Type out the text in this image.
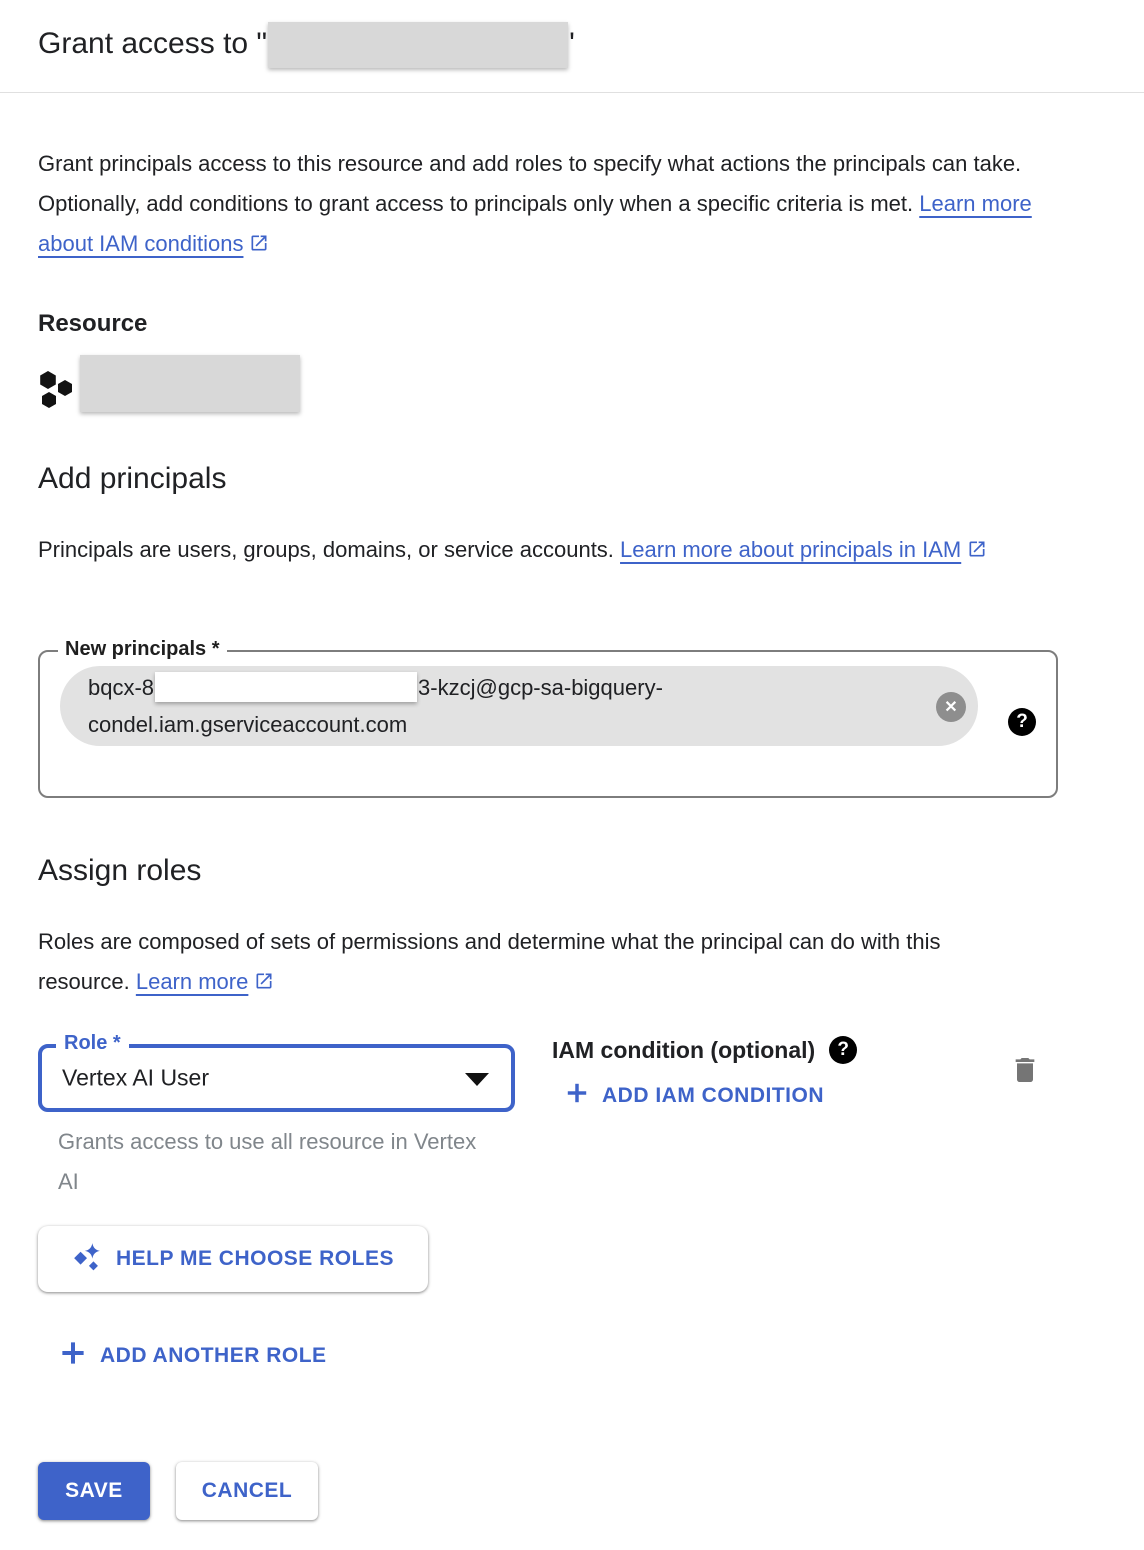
Grant access to "	'

Grant principals access to this resource and add roles to specify what actions the principals can take. Optionally, add conditions to grant access to principals only when a specific criteria is met. Learn more about IAM conditions

Resource
Add principals

Principals are users, groups, domains, or service accounts. Learn more about principals in IAM

New principals *
bqcx-8	3-kzcj@gcp-sa-bigquery-
condel.iam.gserviceaccount.com
✕
?
Assign roles

Roles are composed of sets of permissions and determine what the principal can do with this resource. Learn more

Role *
Vertex AI User
Grants access to use all resource in Vertex AI
IAM condition (optional) ?
ADD IAM CONDITION
HELP ME CHOOSE ROLES
ADD ANOTHER ROLE
SAVE	CANCEL
